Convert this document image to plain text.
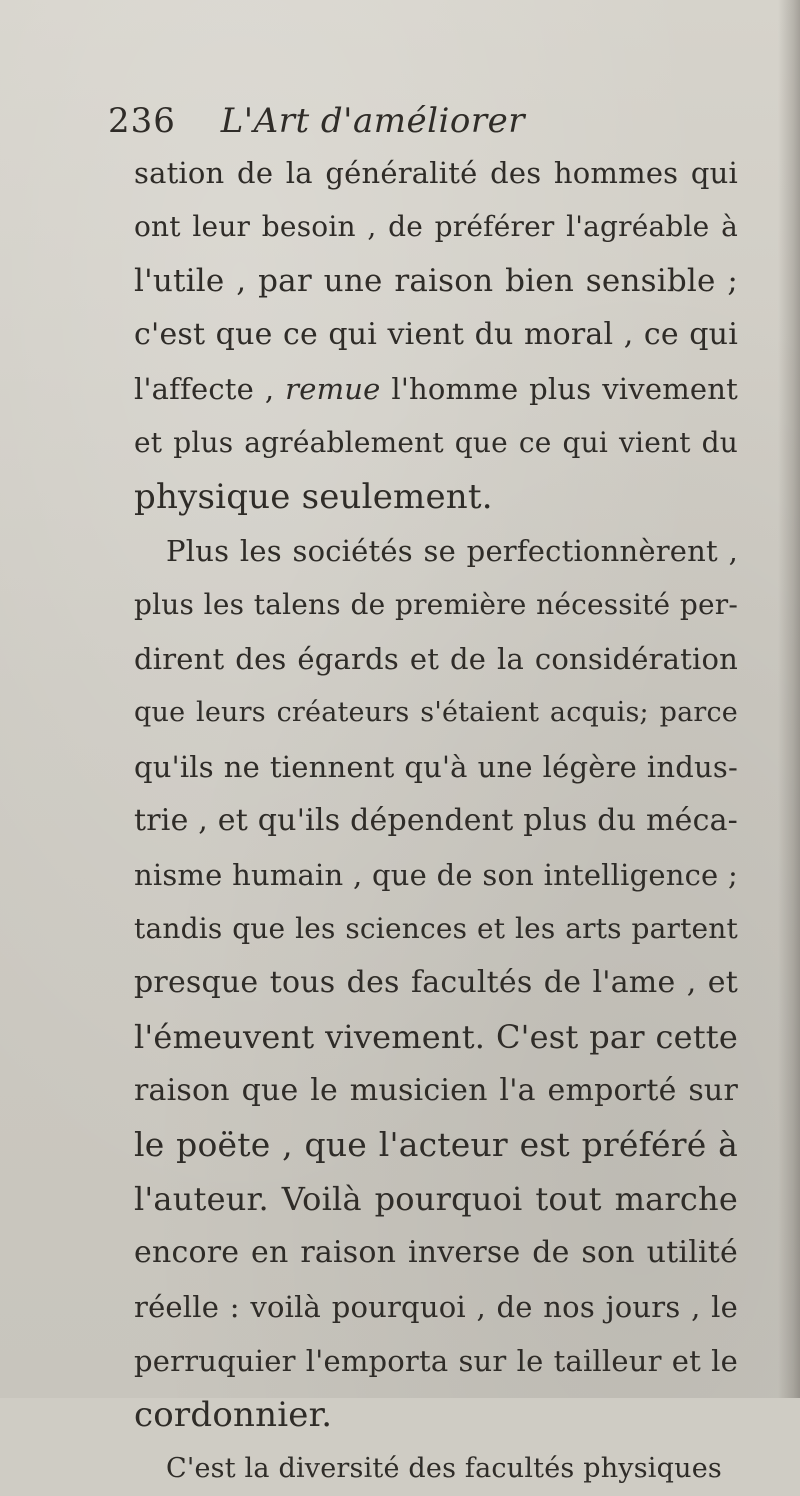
236 L'Art d'améliorer
sation de la généralité des hommes qui
ont leur besoin , de préférer l'agréable à
l'utile , par une raison bien sensible ;
c'est que ce qui vient du moral , ce qui
l'affecte , remue l'homme plus vivement
et plus agréablement que ce qui vient du
physique seulement.
Plus les sociétés se perfectionnèrent ,
plus les talens de première nécessité per-
dirent des égards et de la considération
que leurs créateurs s'étaient acquis; parce
qu'ils ne tiennent qu'à une légère indus-
trie , et qu'ils dépendent plus du méca-
nisme humain , que de son intelligence ;
tandis que les sciences et les arts partent
presque tous des facultés de l'ame , et
l'émeuvent vivement. C'est par cette
raison que le musicien l'a emporté sur
le poëte , que l'acteur est préféré à
l'auteur. Voilà pourquoi tout marche
encore en raison inverse de son utilité
réelle : voilà pourquoi , de nos jours , le
perruquier l'emporta sur le tailleur et le
cordonnier.
C'est la diversité des facultés physiques
